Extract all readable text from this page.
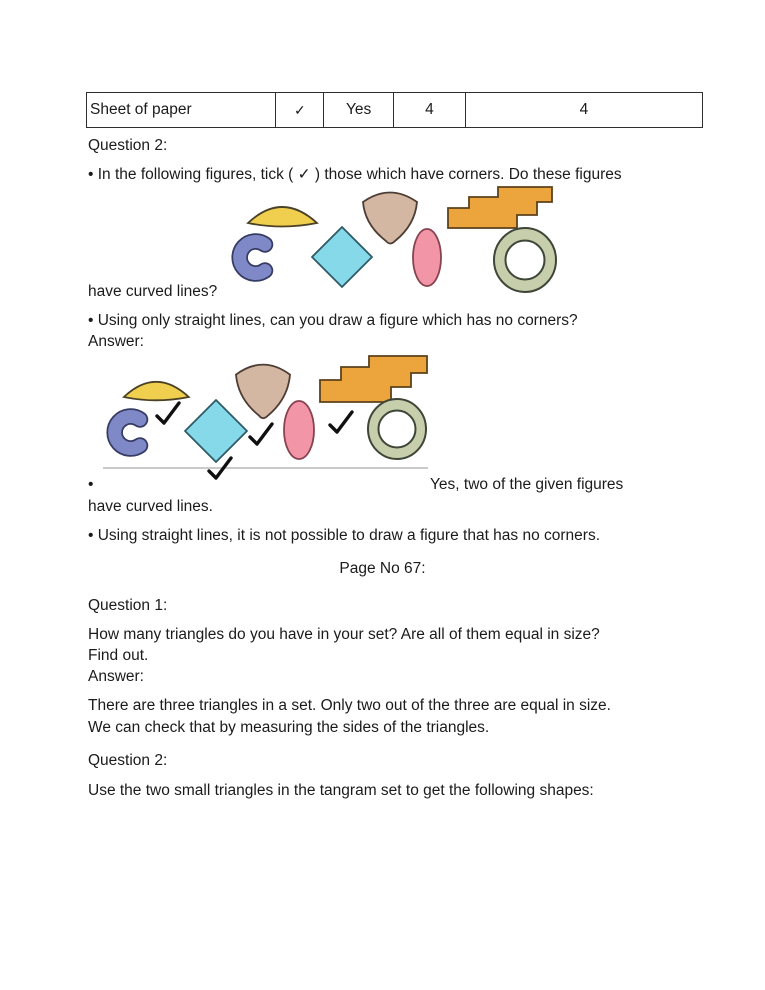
Sheet of paper	✓	Yes	4	4
Question 2:
• In the following figures, tick ( ✓ ) those which have corners. Do these figures
have curved lines?
• Using only straight lines, can you draw a figure which has no corners?
Answer:
•	Yes, two of the given figures
have curved lines.
• Using straight lines, it is not possible to draw a figure that has no corners.
Page No 67:
Question 1:
How many triangles do you have in your set? Are all of them equal in size?
Find out.
Answer:
There are three triangles in a set. Only two out of the three are equal in size.
We can check that by measuring the sides of the triangles.
Question 2:
Use the two small triangles in the tangram set to get the following shapes:
